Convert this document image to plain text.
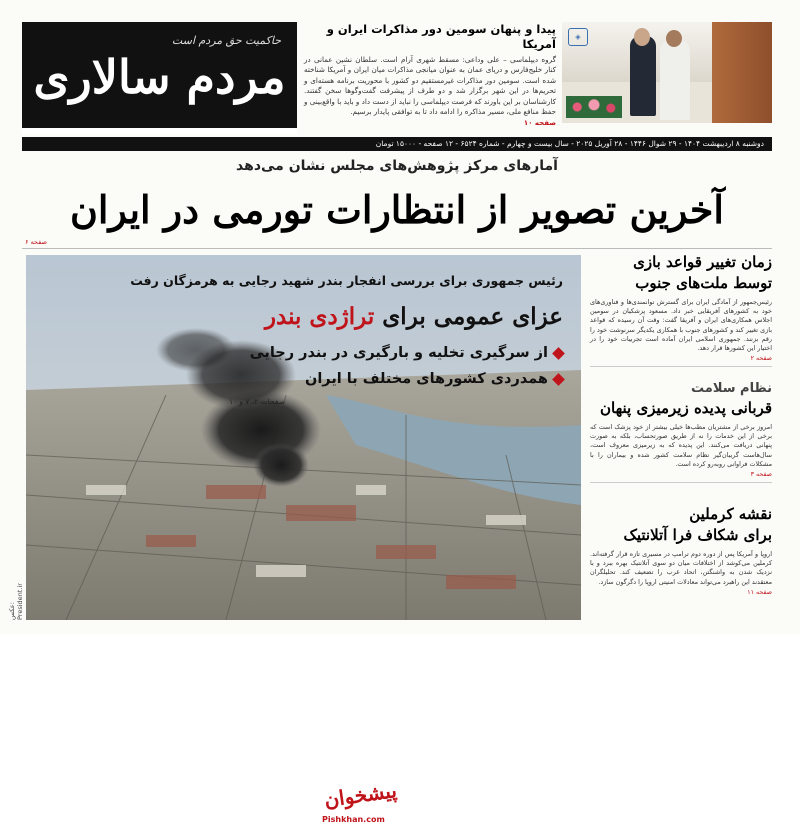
حاکمیت حق مردم است
مردم سالاری
پیدا و پنهان سومین دور مذاکرات ایران و آمریکا

گروه دیپلماسی – علی وداعی: مسقط شهری آرام است. سلطان نشین عمانی در کنار خلیج‌فارس و دریای عمان به عنوان میانجی مذاکرات میان ایران و آمریکا شناخته شده است. سومین دور مذاکرات غیرمستقیم دو کشور با محوریت برنامه هسته‌ای و تحریم‌ها در این شهر برگزار شد و دو طرف از پیشرفت گفت‌وگوها سخن گفتند. کارشناسان بر این باورند که فرصت دیپلماسی را نباید از دست داد و باید با واقع‌بینی و حفظ منافع ملی، مسیر مذاکره را ادامه داد تا به توافقی پایدار برسیم.

صفحه ۱۰
◈
دوشنبه ۸ اردیبهشت ۱۴۰۴ - ۲۹ شوال ۱۴۴۶ - ۲۸ آوریل ۲۰۲۵ - سال بیست و چهارم - شماره ۶۵۲۴ - ۱۲ صفحه - ۱۵۰۰۰ تومان
آمارهای مرکز پژوهش‌های مجلس نشان می‌دهد
آخرین تصویر از انتظارات تورمی در ایران
صفحه ۶
رئیس جمهوری برای بررسی انفجار بندر شهید رجایی به هرمزگان رفت
عزای عمومی برای تراژدی بندر
از سرگیری تخلیه و بارگیری در بندر رجایی
همدردی کشورهای مختلف با ایران
صفحات ۲، ۷ و ۱۰
پیشخوان
Pishkhan.com
عکس: President.ir
زمان تغییر قواعد بازی
توسط ملت‌های جنوب

رئیس‌جمهور از آمادگی ایران برای گسترش توانمندی‌ها و فناوری‌های خود به کشورهای آفریقایی خبر داد. مسعود پزشکیان در سومین اجلاس همکاری‌های ایران و آفریقا گفت: وقت آن رسیده که قواعد بازی تغییر کند و کشورهای جنوب با همکاری یکدیگر سرنوشت خود را رقم بزنند. جمهوری اسلامی ایران آماده است تجربیات خود را در اختیار این کشورها قرار دهد.

صفحه ۲
نظام سلامت
قربانی پدیده زیرمیزی پنهان

امروز برخی از مشتریان مطب‌ها خیلی بیشتر از خود پزشک است که برخی از این خدمات را نه از طریق صورتحساب، بلکه به صورت پنهانی دریافت می‌کنند. این پدیده که به زیرمیزی معروف است، سال‌هاست گریبان‌گیر نظام سلامت کشور شده و بیماران را با مشکلات فراوانی روبه‌رو کرده است.

صفحه ۳
نقشه کرملین
برای شکاف فرا آتلانتیک

اروپا و آمریکا پس از دوره دوم ترامپ در مسیری تازه قرار گرفته‌اند. کرملین می‌کوشد از اختلافات میان دو سوی آتلانتیک بهره ببرد و با نزدیک شدن به واشنگتن، اتحاد غرب را تضعیف کند. تحلیلگران معتقدند این راهبرد می‌تواند معادلات امنیتی اروپا را دگرگون سازد.

صفحه ۱۱
